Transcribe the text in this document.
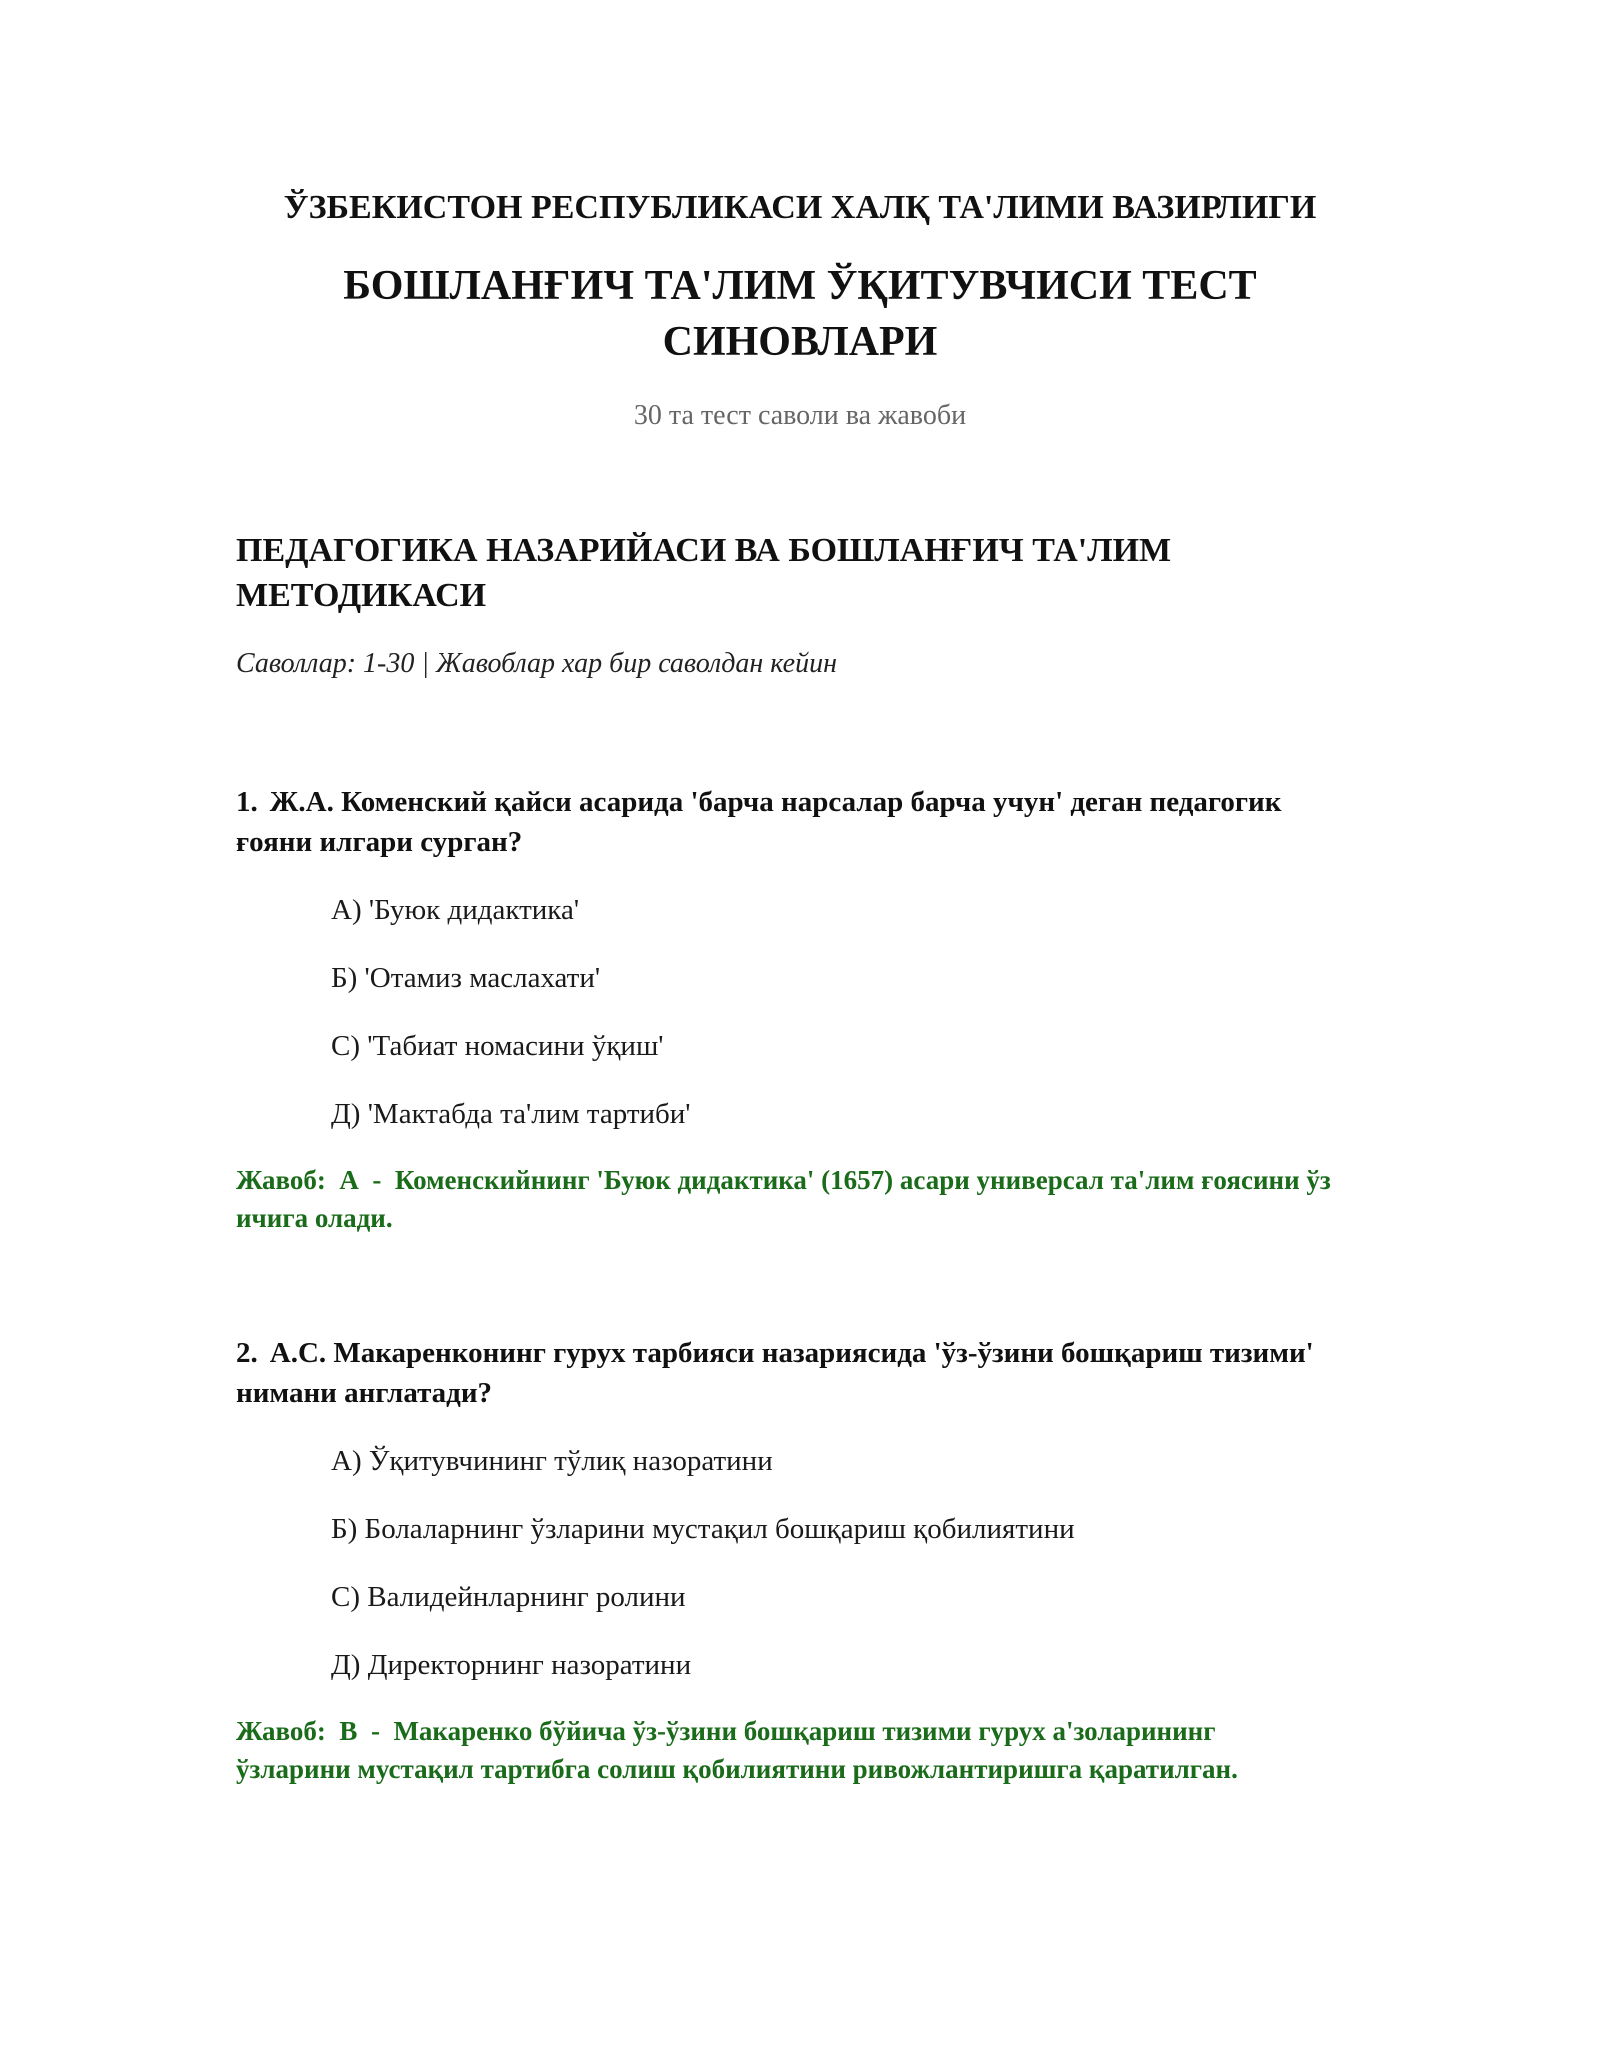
ЎЗБЕКИСТОН РЕСПУБЛИКАСИ ХАЛҚ ТА'ЛИМИ ВАЗИРЛИГИ
БОШЛАНҒИЧ ТА'ЛИМ ЎҚИТУВЧИСИ ТЕСТ СИНОВЛАРИ
30 та тест саволи ва жавоби
ПЕДАГОГИКА НАЗАРИЙАСИ ВА БОШЛАНҒИЧ ТА'ЛИМ МЕТОДИКАСИ
Саволлар: 1-30 | Жавоблар хар бир саволдан кейин
1. Ж.А. Коменский қайси асарида 'барча нарсалар барча учун' деган педагогик ғояни илгари сурган?
А) 'Буюк дидактика'
Б) 'Отамиз маслахати'
С) 'Табиат номасини ўқиш'
Д) 'Мактабда та'лим тартиби'
Жавоб: А - Коменскийнинг 'Буюк дидактика' (1657) асари универсал та'лим ғоясини ўз ичига олади.
2. А.С. Макаренконинг гурух тарбияси назариясида 'ўз-ўзини бошқариш тизими' нимани англатади?
А) Ўқитувчининг тўлиқ назоратини
Б) Болаларнинг ўзларини мустақил бошқариш қобилиятини
С) Валидейнларнинг ролини
Д) Директорнинг назоратини
Жавоб: В - Макаренко бўйича ўз-ўзини бошқариш тизими гурух а'золарининг ўзларини мустақил тартибга солиш қобилиятини ривожлантиришга қаратилган.
